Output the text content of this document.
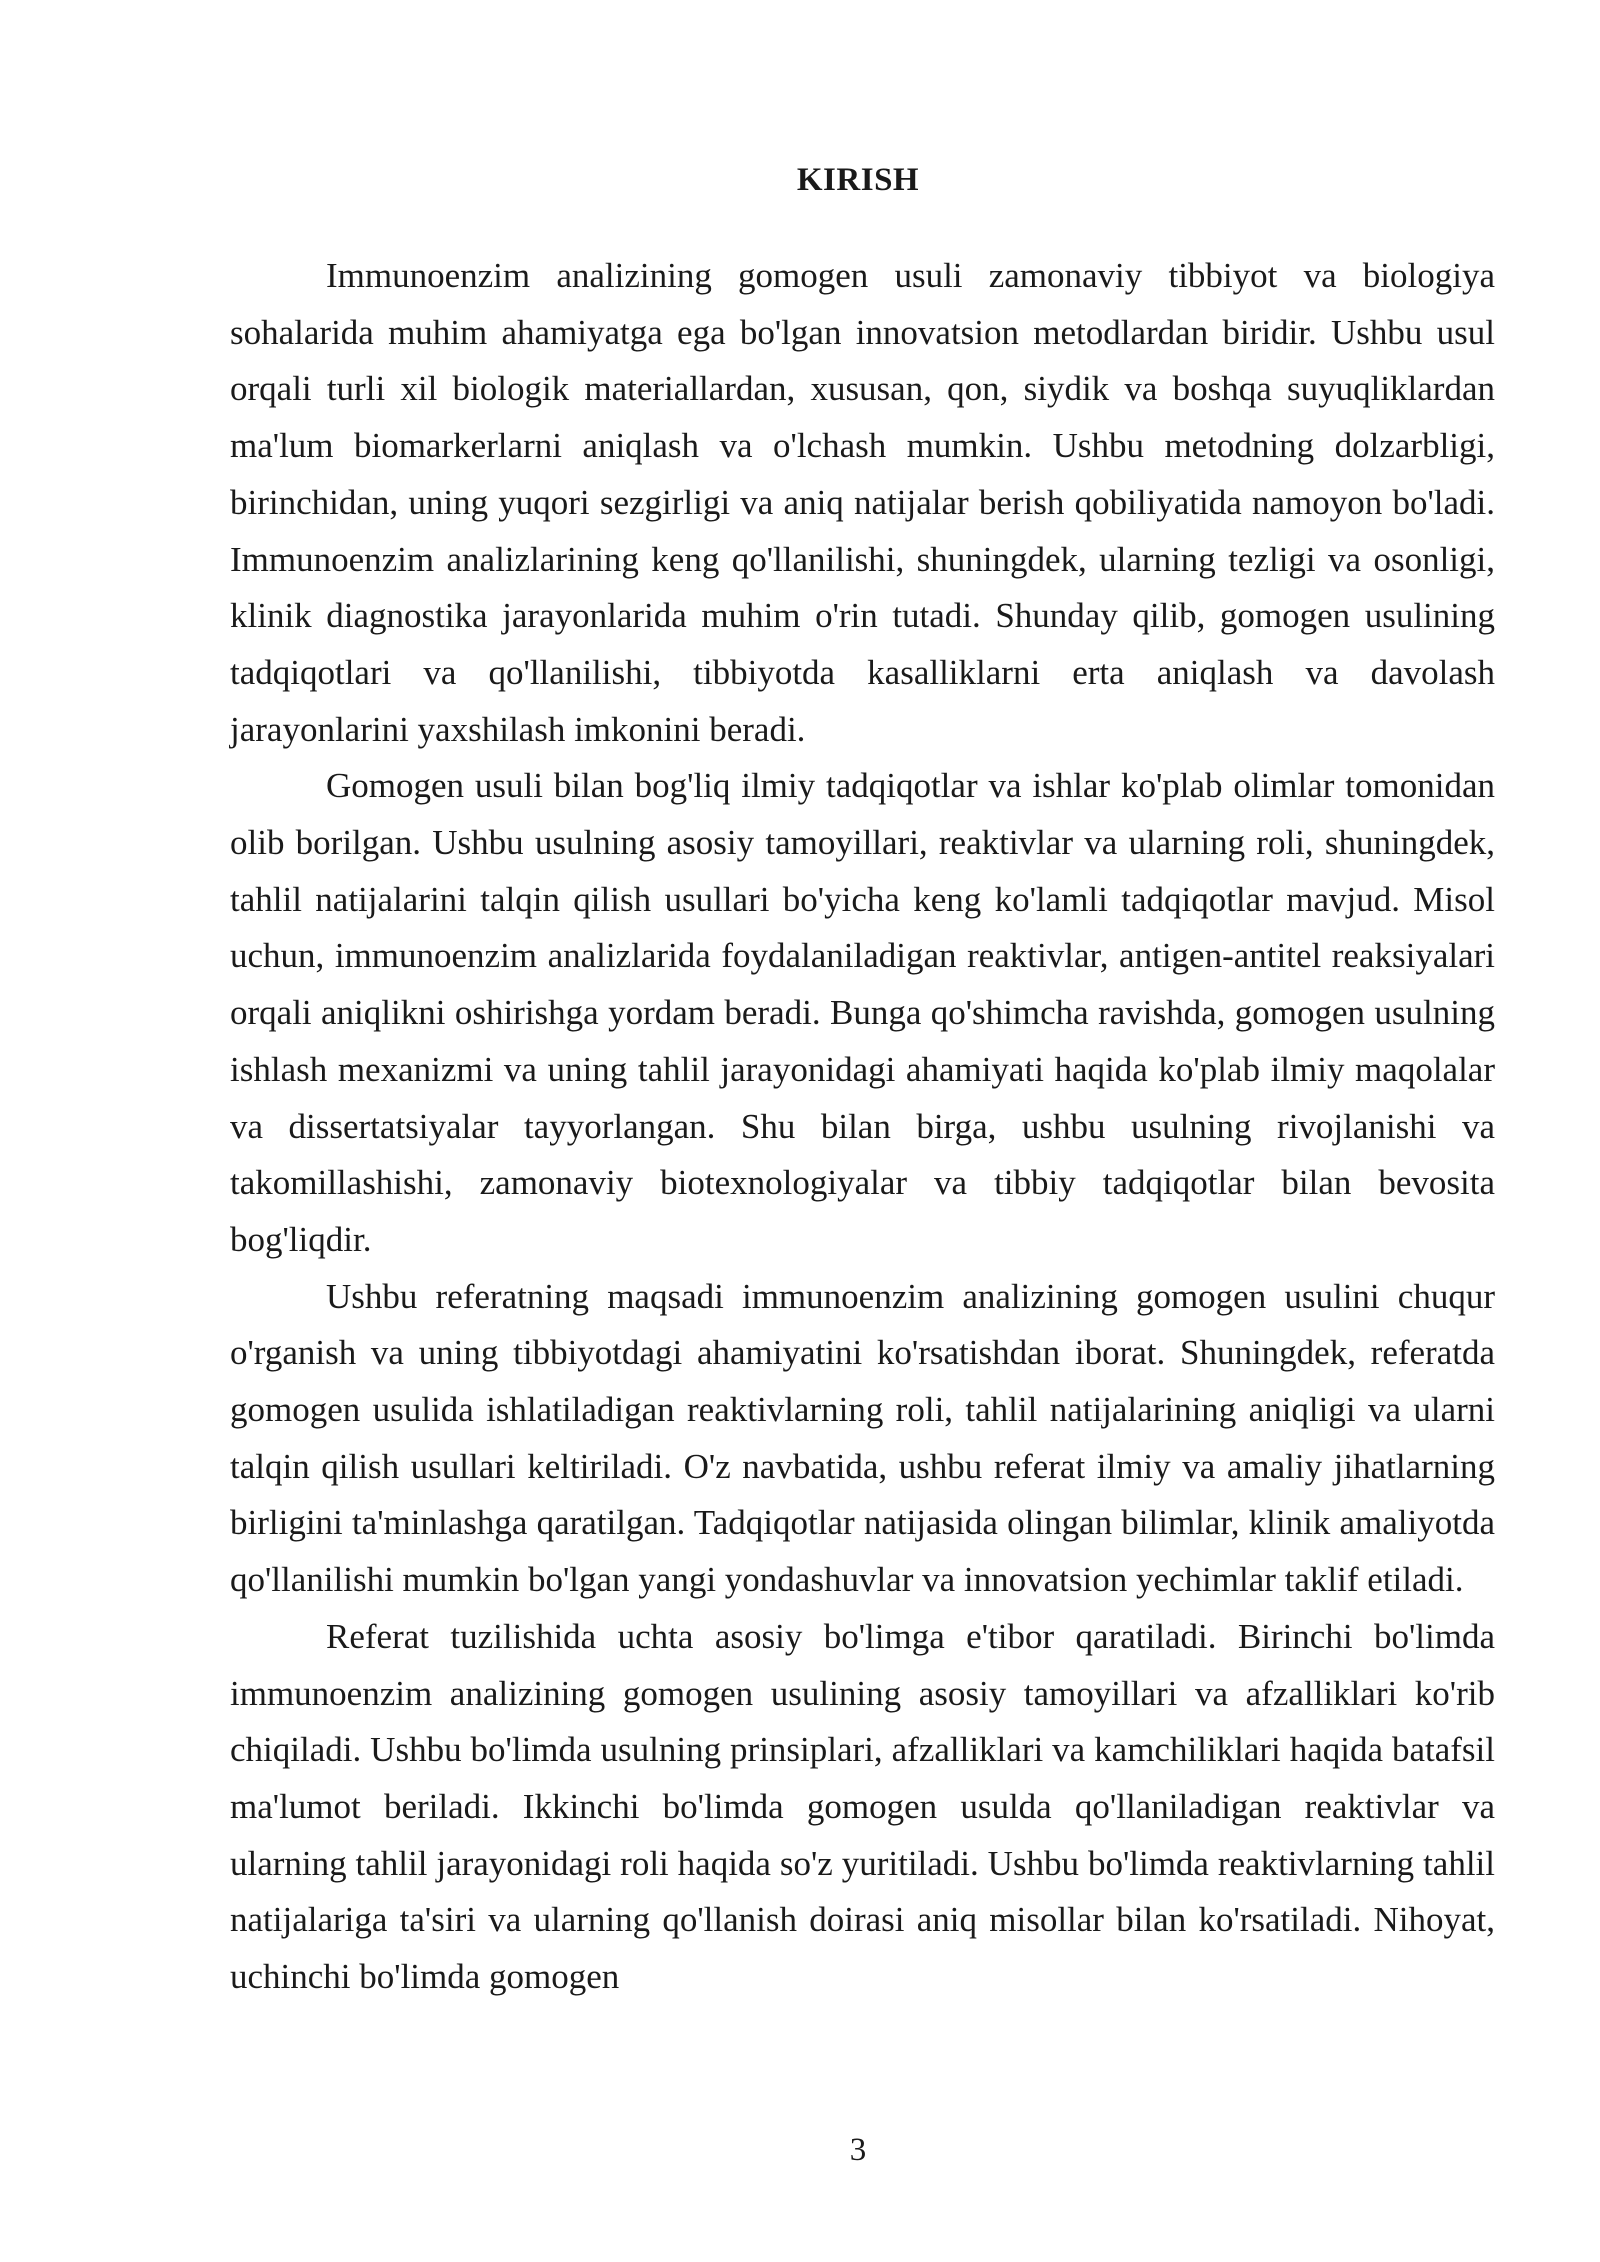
KIRISH

Immunoenzim analizining gomogen usuli zamonaviy tibbiyot va biologiya sohalarida muhim ahamiyatga ega bo'lgan innovatsion metodlardan biridir. Ushbu usul orqali turli xil biologik materiallardan, xususan, qon, siydik va boshqa suyuqliklardan ma'lum biomarkerlarni aniqlash va o'lchash mumkin. Ushbu metodning dolzarbligi, birinchidan, uning yuqori sezgirligi va aniq natijalar berish qobiliyatida namoyon bo'ladi. Immunoenzim analizlarining keng qo'llanilishi, shuningdek, ularning tezligi va osonligi, klinik diagnostika jarayonlarida muhim o'rin tutadi. Shunday qilib, gomogen usulining tadqiqotlari va qo'llanilishi, tibbiyotda kasalliklarni erta aniqlash va davolash jarayonlarini yaxshilash imkonini beradi.

Gomogen usuli bilan bog'liq ilmiy tadqiqotlar va ishlar ko'plab olimlar tomonidan olib borilgan. Ushbu usulning asosiy tamoyillari, reaktivlar va ularning roli, shuningdek, tahlil natijalarini talqin qilish usullari bo'yicha keng ko'lamli tadqiqotlar mavjud. Misol uchun, immunoenzim analizlarida foydalaniladigan reaktivlar, antigen-antitel reaksiyalari orqali aniqlikni oshirishga yordam beradi. Bunga qo'shimcha ravishda, gomogen usulning ishlash mexanizmi va uning tahlil jarayonidagi ahamiyati haqida ko'plab ilmiy maqolalar va dissertatsiyalar tayyorlangan. Shu bilan birga, ushbu usulning rivojlanishi va takomillashishi, zamonaviy biotexnologiyalar va tibbiy tadqiqotlar bilan bevosita bog'liqdir.

Ushbu referatning maqsadi immunoenzim analizining gomogen usulini chuqur o'rganish va uning tibbiyotdagi ahamiyatini ko'rsatishdan iborat. Shuningdek, referatda gomogen usulida ishlatiladigan reaktivlarning roli, tahlil natijalarining aniqligi va ularni talqin qilish usullari keltiriladi. O'z navbatida, ushbu referat ilmiy va amaliy jihatlarning birligini ta'minlashga qaratilgan. Tadqiqotlar natijasida olingan bilimlar, klinik amaliyotda qo'llanilishi mumkin bo'lgan yangi yondashuvlar va innovatsion yechimlar taklif etiladi.

Referat tuzilishida uchta asosiy bo'limga e'tibor qaratiladi. Birinchi bo'limda immunoenzim analizining gomogen usulining asosiy tamoyillari va afzalliklari ko'rib chiqiladi. Ushbu bo'limda usulning prinsiplari, afzalliklari va kamchiliklari haqida batafsil ma'lumot beriladi. Ikkinchi bo'limda gomogen usulda qo'llaniladigan reaktivlar va ularning tahlil jarayonidagi roli haqida so'z yuritiladi. Ushbu bo'limda reaktivlarning tahlil natijalariga ta'siri va ularning qo'llanish doirasi aniq misollar bilan ko'rsatiladi. Nihoyat, uchinchi bo'limda gomogen

3
